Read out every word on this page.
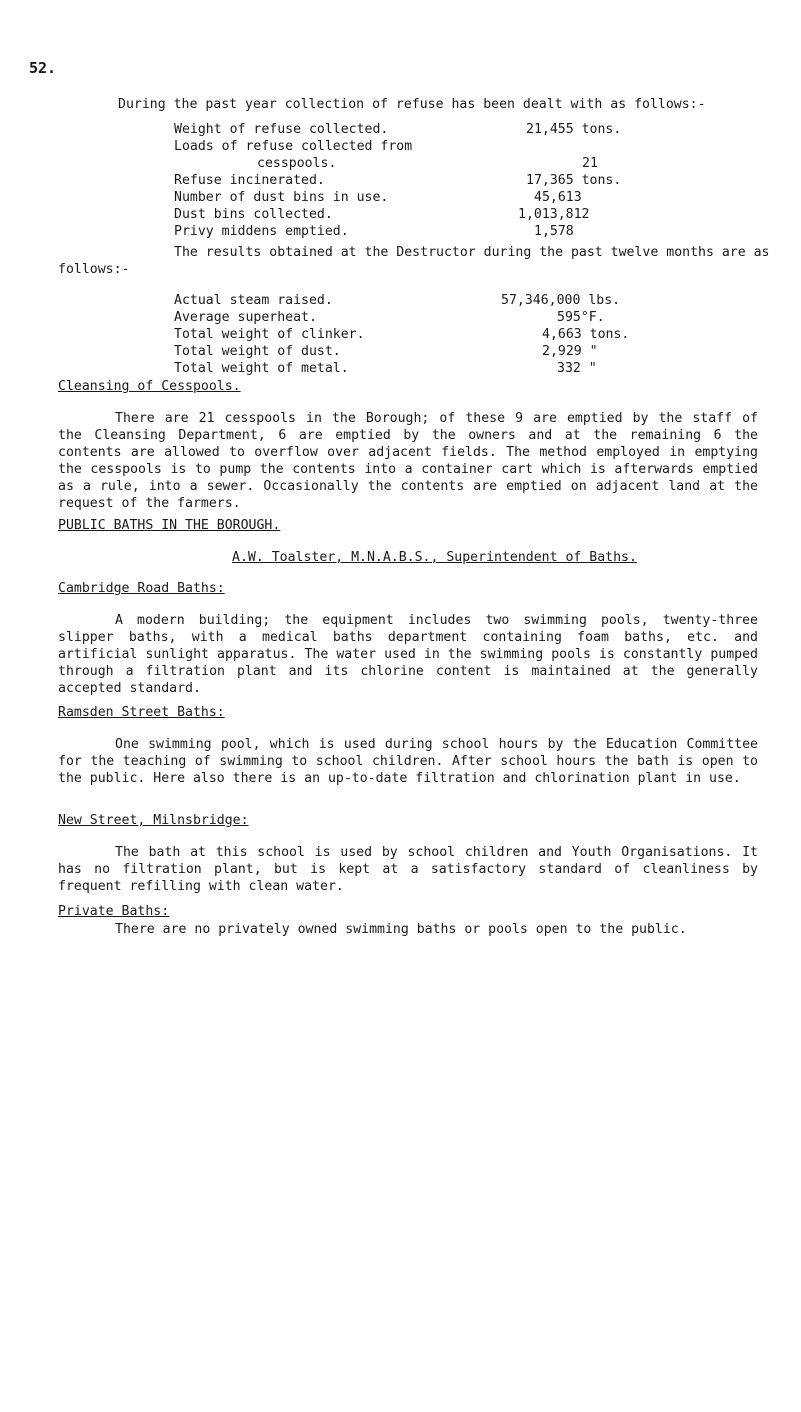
52.
During the past year collection of refuse has been dealt with as follows:-
Weight of refuse collected.	21,455 tons.
Loads of refuse collected from
cesspools.	21
Refuse incinerated.	17,365 tons.
Number of dust bins in use.	45,613
Dust bins collected.	1,013,812
Privy middens emptied.	1,578
The results obtained at the Destructor during the past twelve months are as
follows:-
Actual steam raised.	57,346,000 lbs.
Average superheat.	595°F.
Total weight of clinker.	4,663 tons.
Total weight of dust.	2,929 "
Total weight of metal.	332 "
Cleansing of Cesspools.

There are 21 cesspools in the Borough; of these 9 are emptied by the staff of the Cleansing Department, 6 are emptied by the owners and at the remaining 6 the contents are allowed to overflow over adjacent fields. The method employed in emptying the cesspools is to pump the contents into a container cart which is afterwards emptied as a rule, into a sewer. Occasionally the contents are emptied on adjacent land at the request of the farmers.

PUBLIC BATHS IN THE BOROUGH.
A.W. Toalster, M.N.A.B.S., Superintendent of Baths.
Cambridge Road Baths:

A modern building; the equipment includes two swimming pools, twenty-three slipper baths, with a medical baths department containing foam baths, etc. and artificial sunlight apparatus. The water used in the swimming pools is constantly pumped through a filtration plant and its chlorine content is maintained at the generally accepted standard.

Ramsden Street Baths:

One swimming pool, which is used during school hours by the Education Committee for the teaching of swimming to school children. After school hours the bath is open to the public. Here also there is an up-to-date filtration and chlorination plant in use.

New Street, Milnsbridge:

The bath at this school is used by school children and Youth Organisations. It has no filtration plant, but is kept at a satisfactory standard of cleanliness by frequent refilling with clean water.

Private Baths:
There are no privately owned swimming baths or pools open to the public.
